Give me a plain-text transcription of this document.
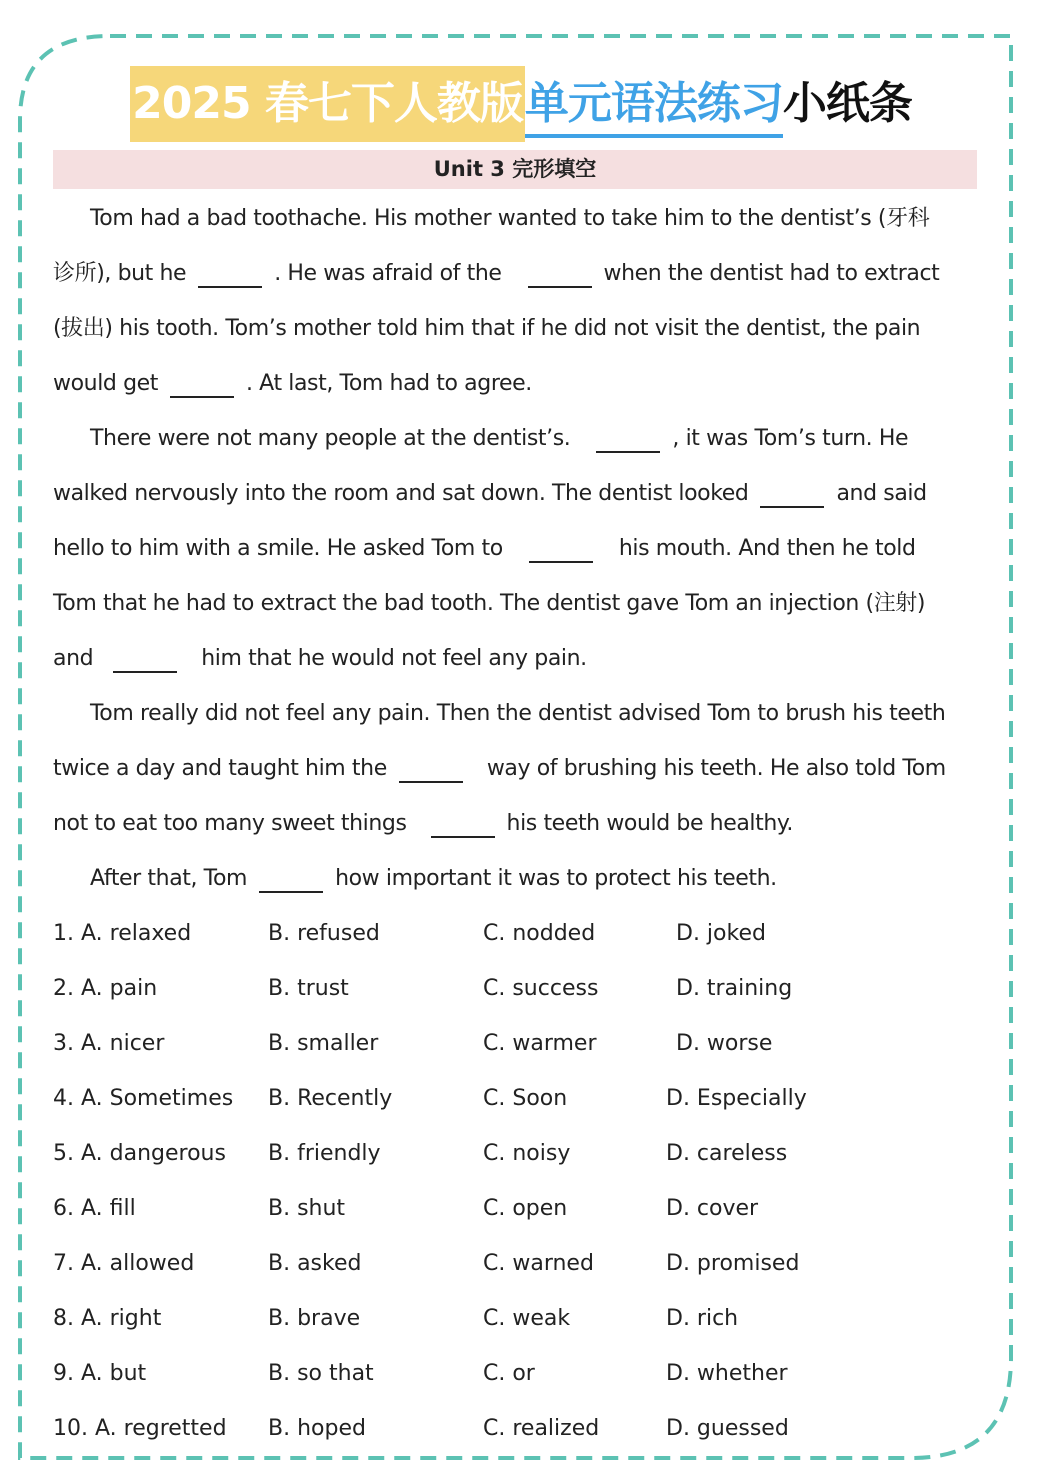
2025 春七下人教版单元语法练习小纸条
Unit 3 完形填空
Tom had a bad toothache. His mother wanted to take him to the dentist’s (牙科
诊所), but he	. He was afraid of the	when the dentist had to extract
(拔出) his tooth. Tom’s mother told him that if he did not visit the dentist, the pain
would get	. At last, Tom had to agree.
There were not many people at the dentist’s.	, it was Tom’s turn. He
walked nervously into the room and sat down. The dentist looked	and said
hello to him with a smile. He asked Tom to	his mouth. And then he told
Tom that he had to extract the bad tooth. The dentist gave Tom an injection (注射)
and	him that he would not feel any pain.
Tom really did not feel any pain. Then the dentist advised Tom to brush his teeth
twice a day and taught him the	way of brushing his teeth. He also told Tom
not to eat too many sweet things	his teeth would be healthy.
After that, Tom	how important it was to protect his teeth.
1. A. relaxed	B. refused	C. nodded	D. joked
2. A. pain	B. trust	C. success	D. training
3. A. nicer	B. smaller	C. warmer	D. worse
4. A. Sometimes B. Recently	C. Soon	D. Especially
5. A. dangerous B. friendly	C. noisy	D. careless
6. A. fill	B. shut	C. open	D. cover
7. A. allowed	B. asked	C. warned	D. promised
8. A. right	B. brave	C. weak	D. rich
9. A. but	B. so that	C. or	D. whether
10. A. regretted B. hoped	C. realized	D. guessed
